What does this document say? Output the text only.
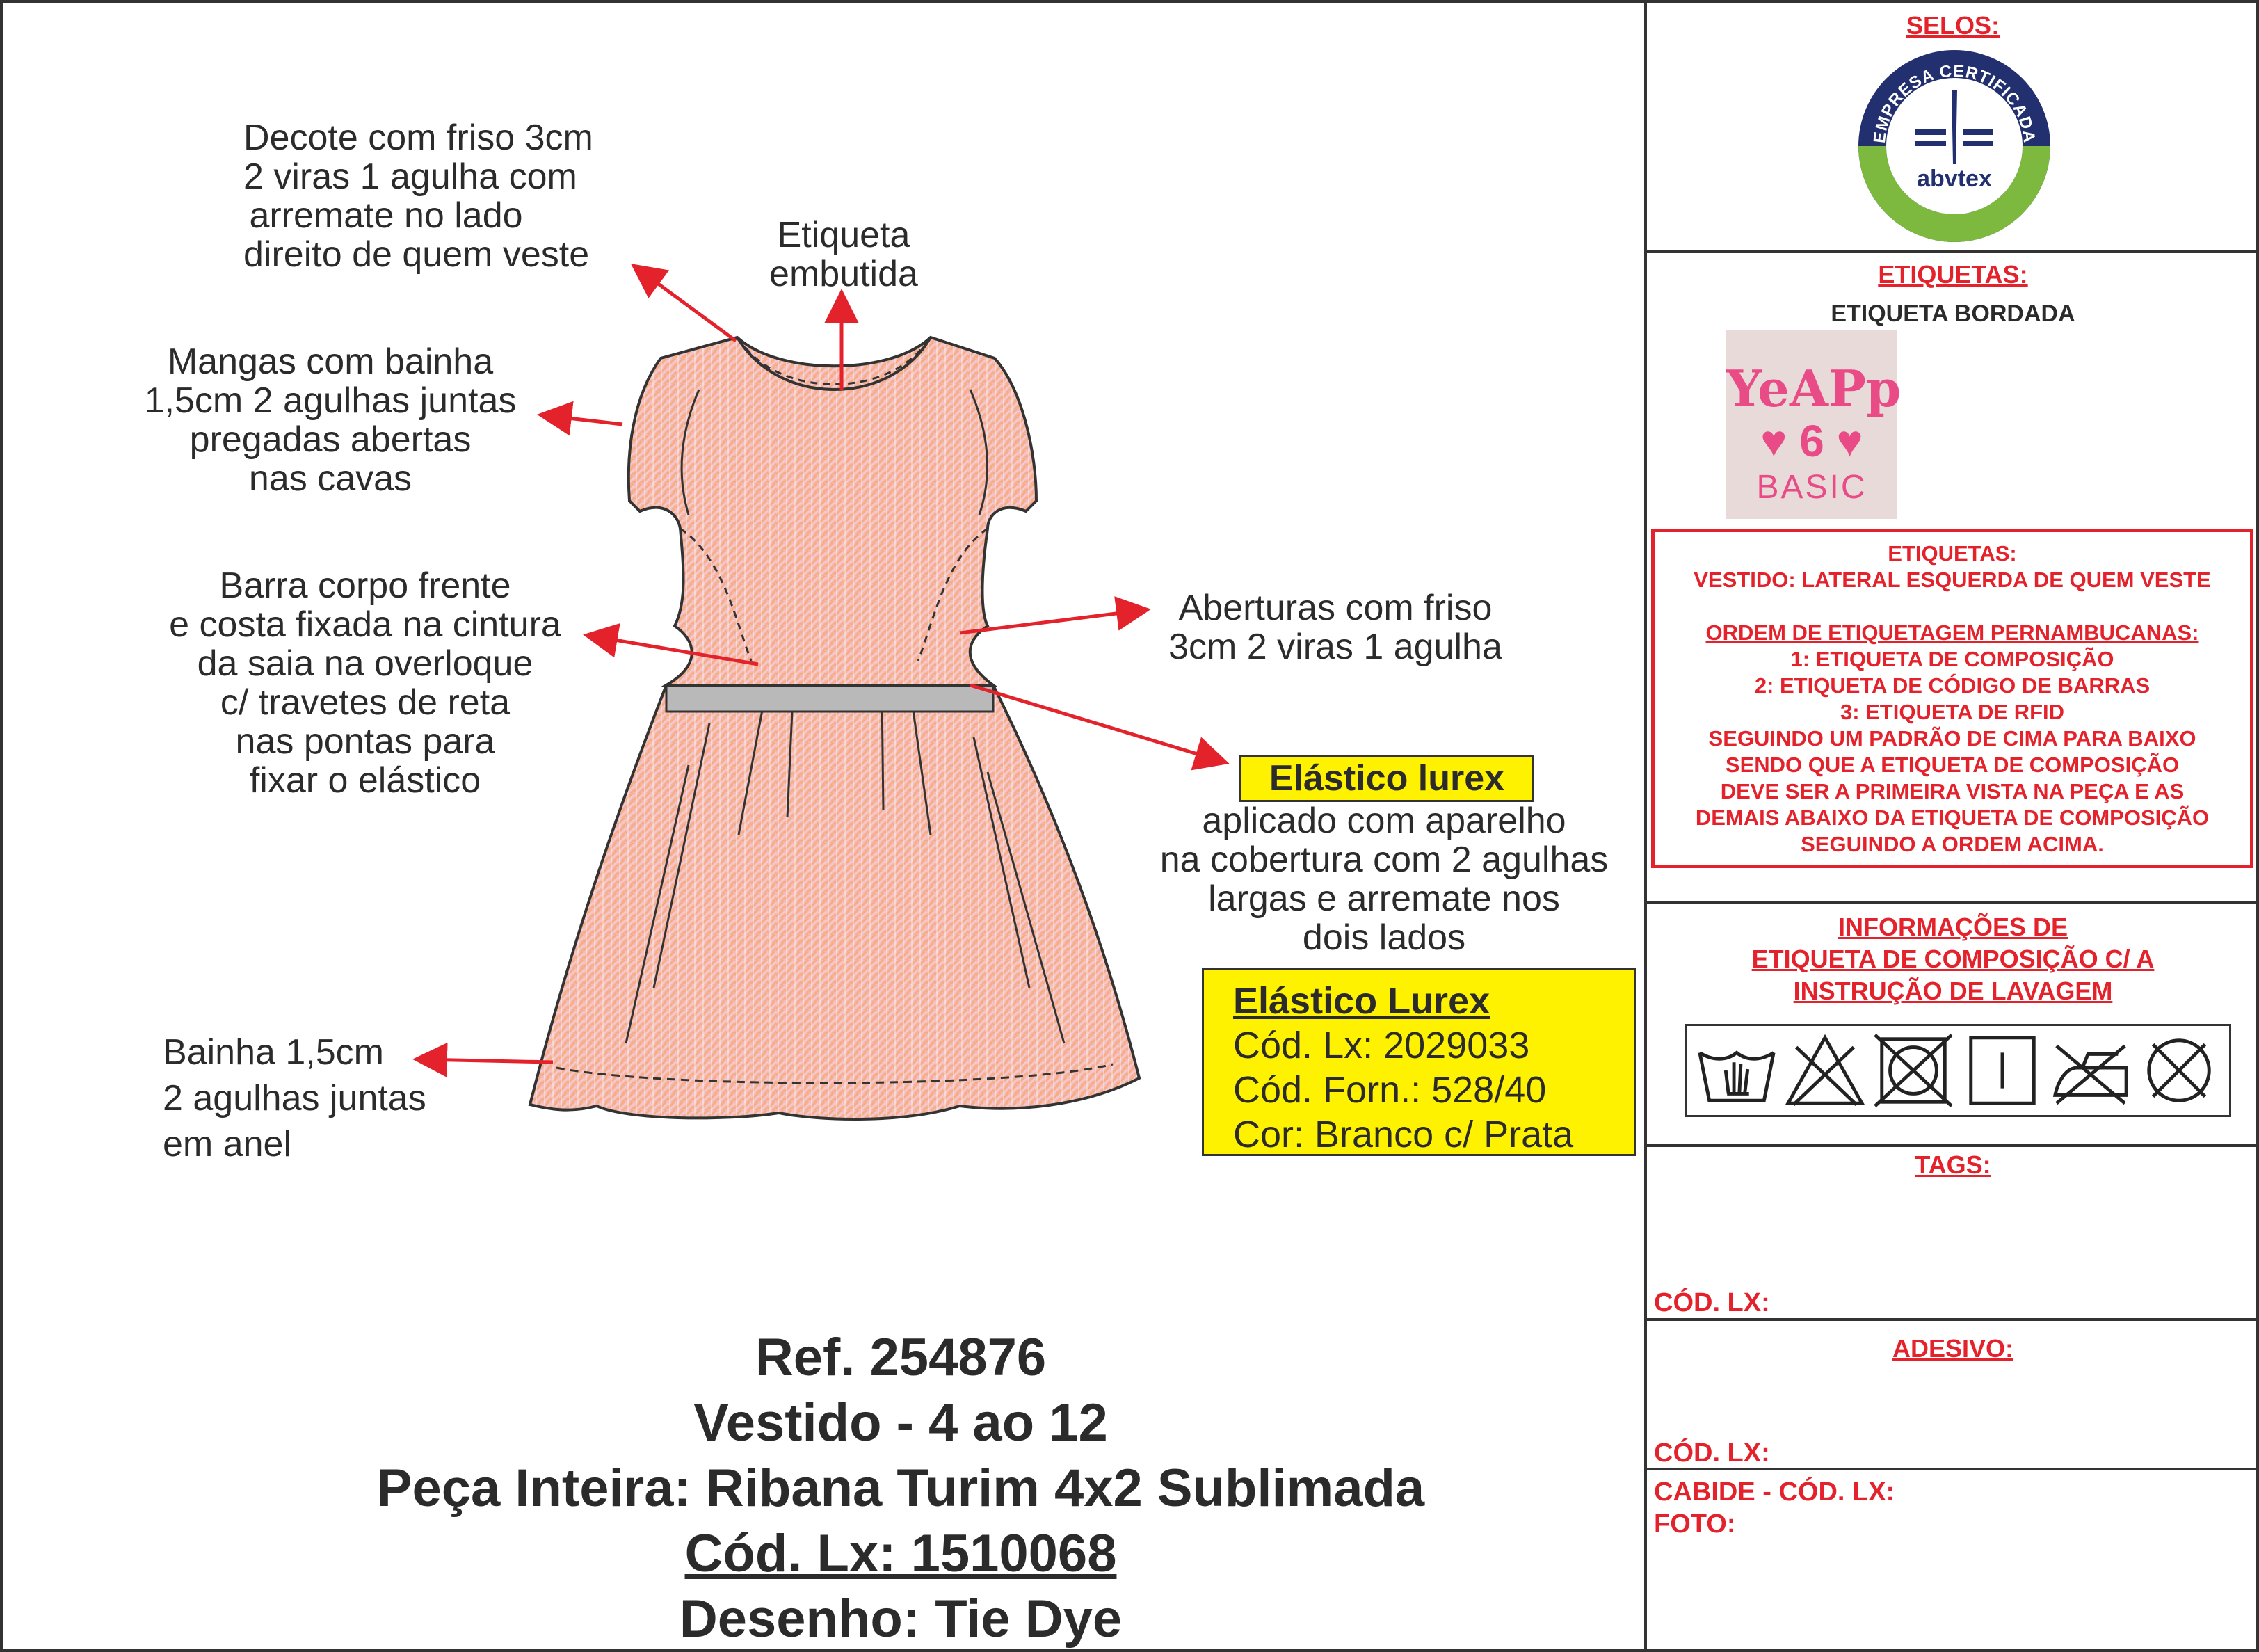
Decote com friso 3cm
2 viras 1 agulha com
arremate no lado
direito de quem veste	Etiqueta
embutida
Mangas com bainha
1,5cm 2 agulhas juntas
pregadas abertas
nas cavas
Barra corpo frente
e costa fixada na cintura
da saia na overloque
c/ travetes de reta
nas pontas para
fixar o elástico
Aberturas com friso
3cm 2 viras 1 agulha
Elástico lurex
aplicado com aparelho
na cobertura com 2 agulhas
largas e arremate nos
dois lados
Bainha 1,5cm
2 agulhas juntas
em anel
Elástico Lurex
Cód. Lx: 2029033
Cód. Forn.: 528/40
Cor: Branco c/ Prata
Ref. 254876
Vestido - 4 ao 12
Peça Inteira: Ribana Turim 4x2 Sublimada
Cód. Lx: 1510068
Desenho: Tie Dye
SELOS:
EMPRESA CERTIFICADA
EM RESPONSABILIDADE SOCIAL
abvtex
ETIQUETAS:
ETIQUETA BORDADA
YeAPp
♥ 6 ♥
BASIC
ETIQUETAS:
VESTIDO: LATERAL ESQUERDA DE QUEM VESTE
ORDEM DE ETIQUETAGEM PERNAMBUCANAS:
1: ETIQUETA DE COMPOSIÇÃO
2: ETIQUETA DE CÓDIGO DE BARRAS
3: ETIQUETA DE RFID
SEGUINDO UM PADRÃO DE CIMA PARA BAIXO
SENDO QUE A ETIQUETA DE COMPOSIÇÃO
DEVE SER A PRIMEIRA VISTA NA PEÇA E AS
DEMAIS ABAIXO DA ETIQUETA DE COMPOSIÇÃO
SEGUINDO A ORDEM ACIMA.
INFORMAÇÕES DE
ETIQUETA DE COMPOSIÇÃO C/ A
INSTRUÇÃO DE LAVAGEM
TAGS:
CÓD. LX:
ADESIVO:
CÓD. LX:
CABIDE - CÓD. LX:
FOTO:
